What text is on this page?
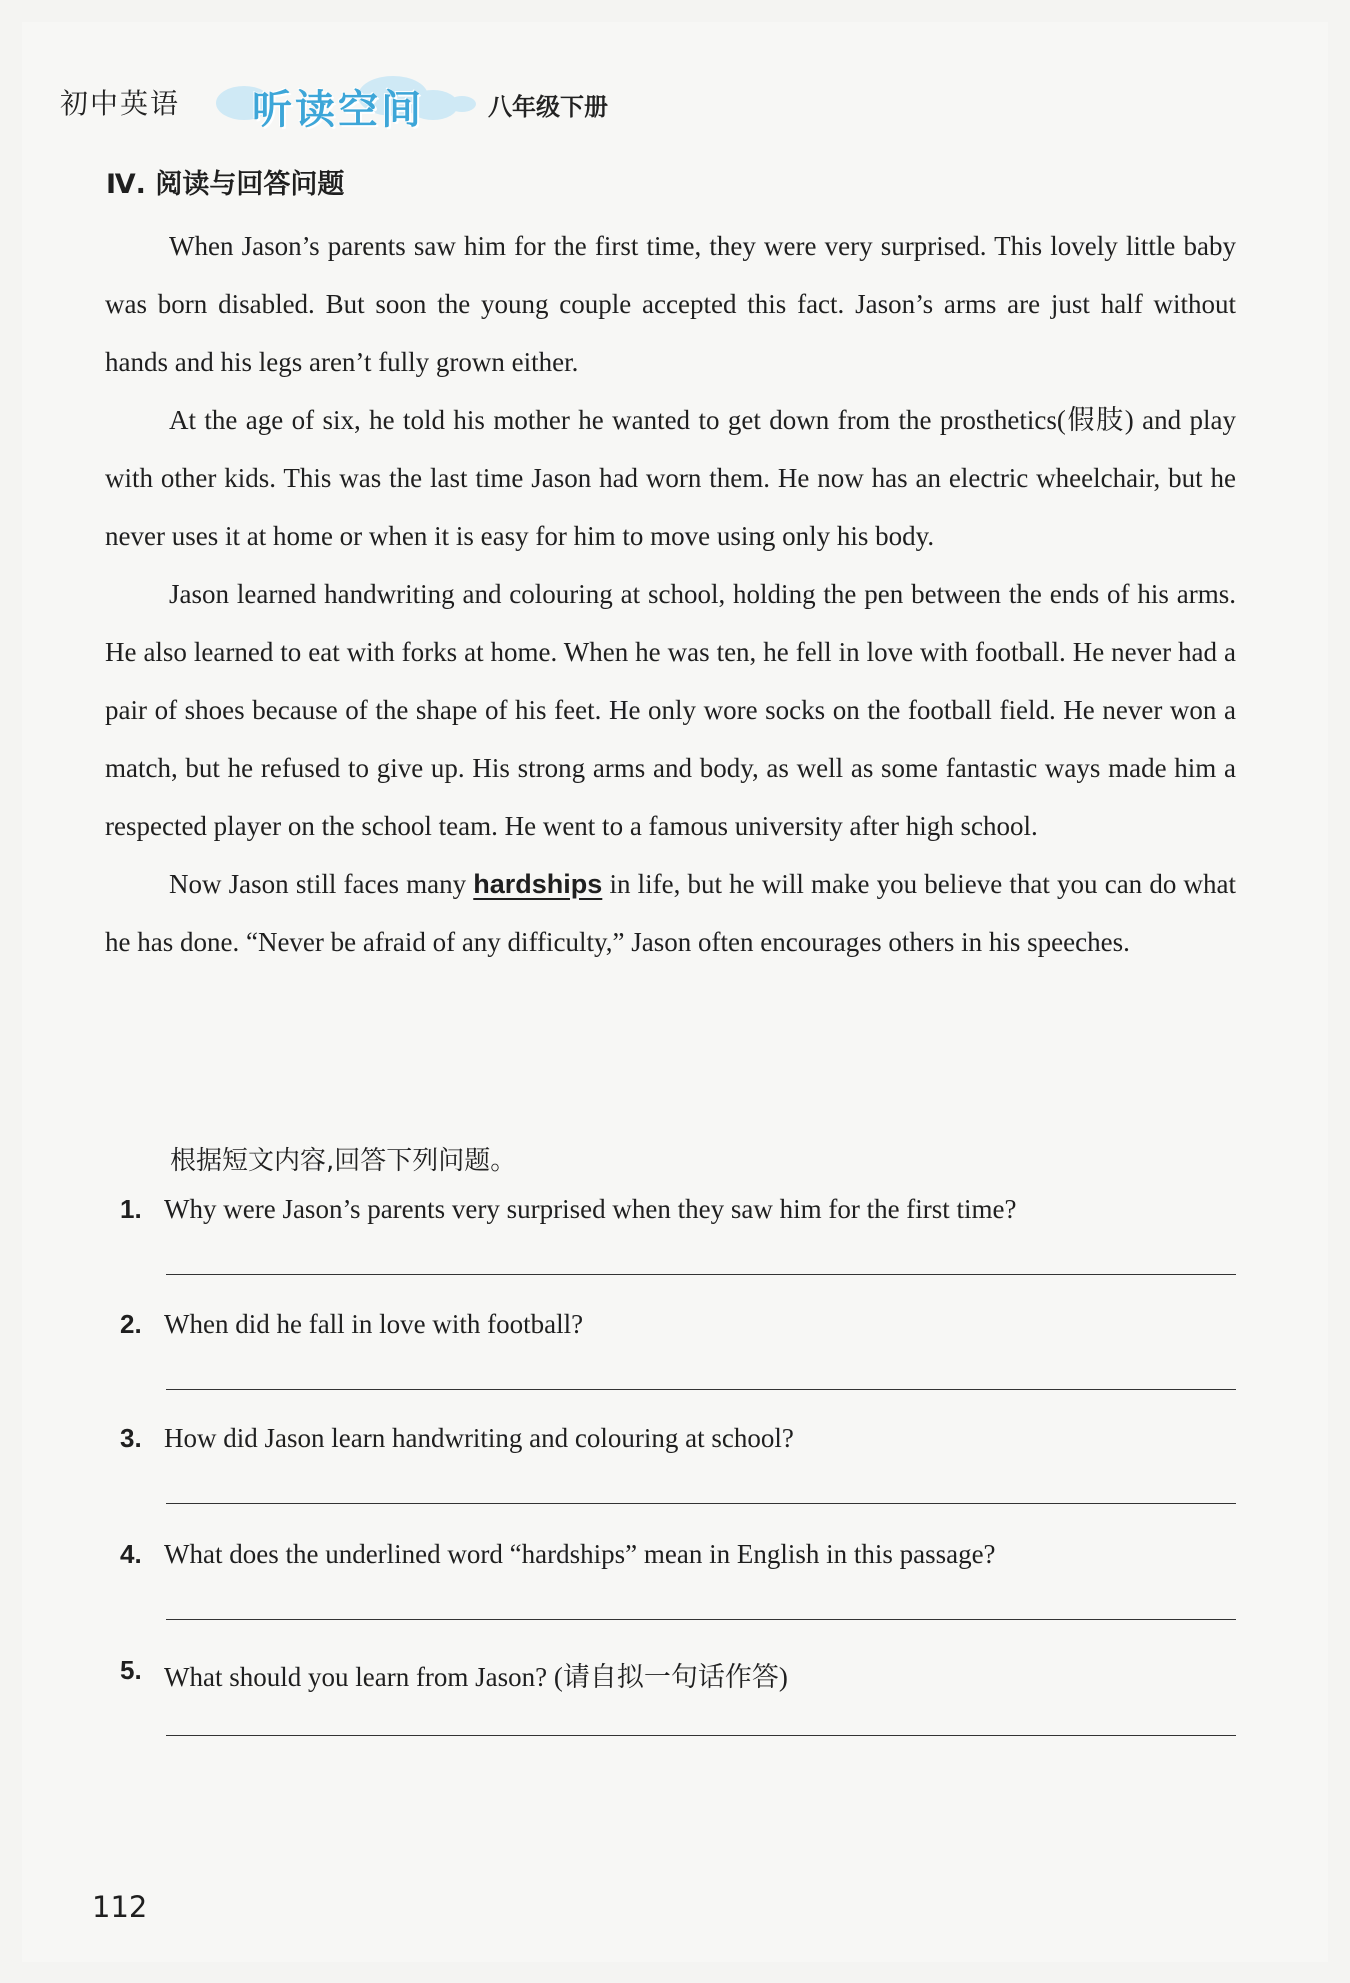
初中英语 听读空间	八年级下册
Ⅳ. 阅读与回答问题

When Jason’s parents saw him for the first time, they were very surprised. This lovely little baby was born disabled. But soon the young couple accepted this fact. Jason’s arms are just half without hands and his legs aren’t fully grown either.

At the age of six, he told his mother he wanted to get down from the prosthetics(假肢) and play with other kids. This was the last time Jason had worn them. He now has an electric wheelchair, but he never uses it at home or when it is easy for him to move using only his body.

Jason learned handwriting and colouring at school, holding the pen between the ends of his arms. He also learned to eat with forks at home. When he was ten, he fell in love with football. He never had a pair of shoes because of the shape of his feet. He only wore socks on the football field. He never won a match, but he refused to give up. His strong arms and body, as well as some fantastic ways made him a respected player on the school team. He went to a famous university after high school.

Now Jason still faces many hardships in life, but he will make you believe that you can do what he has done. “Never be afraid of any difficulty,” Jason often encourages others in his speeches.

根据短文内容,回答下列问题。
1. Why were Jason’s parents very surprised when they saw him for the first time?
2. When did he fall in love with football?
3. How did Jason learn handwriting and colouring at school?
4. What does the underlined word “hardships” mean in English in this passage?
5. What should you learn from Jason? (请自拟一句话作答)
112
